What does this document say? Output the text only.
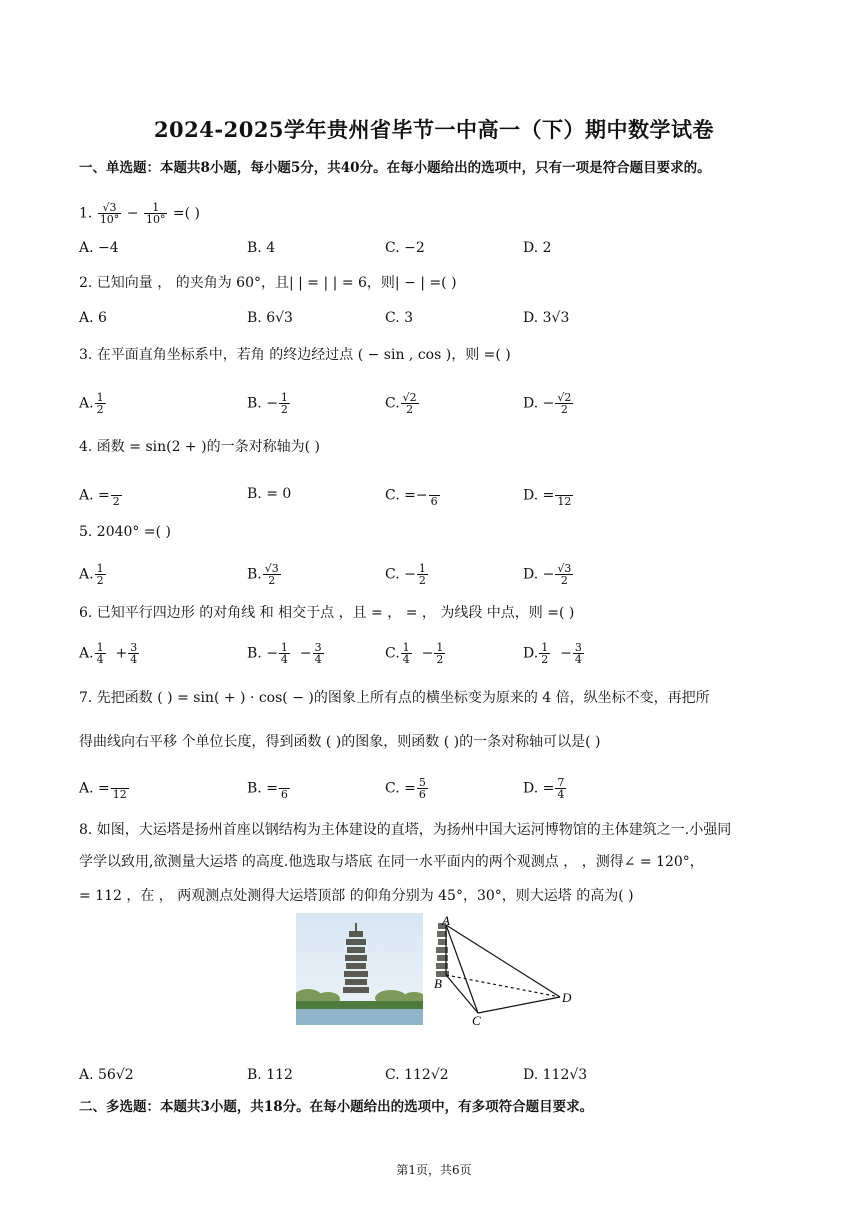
2024-2025学年贵州省毕节一中高一（下）期中数学试卷
一、单选题：本题共8小题，每小题5分，共40分。在每小题给出的选项中，只有一项是符合题目要求的。
1. $\frac{√3}{10^\circ} - \frac{1}{10^\circ}$ =( )
A. −4	B. 4	C. −2	D. 2
2. 已知向量 ， 的夹角为 60°，且| | = | | = 6，则| − | =( )
A. 6	B. 6√3	C. 3	D. 3√3
3. 在平面直角坐标系中，若角 的终边经过点 ( − sin , cos )，则 =( )
A. $\frac{1}{2}$	B. − $\frac{1}{2}$	C. $\frac{√2}{2}$	D. − $\frac{√2}{2}$
4. 函数 = sin(2 + )的一条对称轴为( )
A. = 2	B. = 0	C. =− 6	D. = 12
5. 2040° =( )
A. $\frac{1}{2}$	B. $\frac{√3}{2}$	C. − $\frac{1}{2}$	D. − $\frac{√3}{2}$
6. 已知平行四边形 的对角线 和 相交于点 ，且 = ， = ， 为线段 中点，则 =( )
A. $\frac{1}{4} + \frac{3}{4}$	B. − $\frac{1}{4} - \frac{3}{4}$	C. $\frac{1}{4} - \frac{1}{2}$	D. $\frac{1}{2} - \frac{3}{4}$
7. 先把函数 ( ) = sin( + ) · cos( − )的图象上所有点的横坐标变为原来的 4 倍，纵坐标不变，再把所
得曲线向右平移 个单位长度，得到函数 ( )的图象，则函数 ( )的一条对称轴可以是( )
A. = 12	B. = 6	C. = $\frac{5}{6}$	D. = $\frac{7}{4}$
8. 如图，大运塔是扬州首座以钢结构为主体建设的直塔，为扬州中国大运河博物馆的主体建筑之一.小强同
学学以致用,欲测量大运塔 的高度.他选取与塔底 在同一水平面内的两个观测点 ， ，测得∠ = 120°，
= 112 ，在 ， 两观测点处测得大运塔顶部 的仰角分别为 45°，30°，则大运塔 的高为( )
A
B
C
D
A. 56√2	B. 112	C. 112√2	D. 112√3
二、多选题：本题共3小题，共18分。在每小题给出的选项中，有多项符合题目要求。
第1页，共6页
